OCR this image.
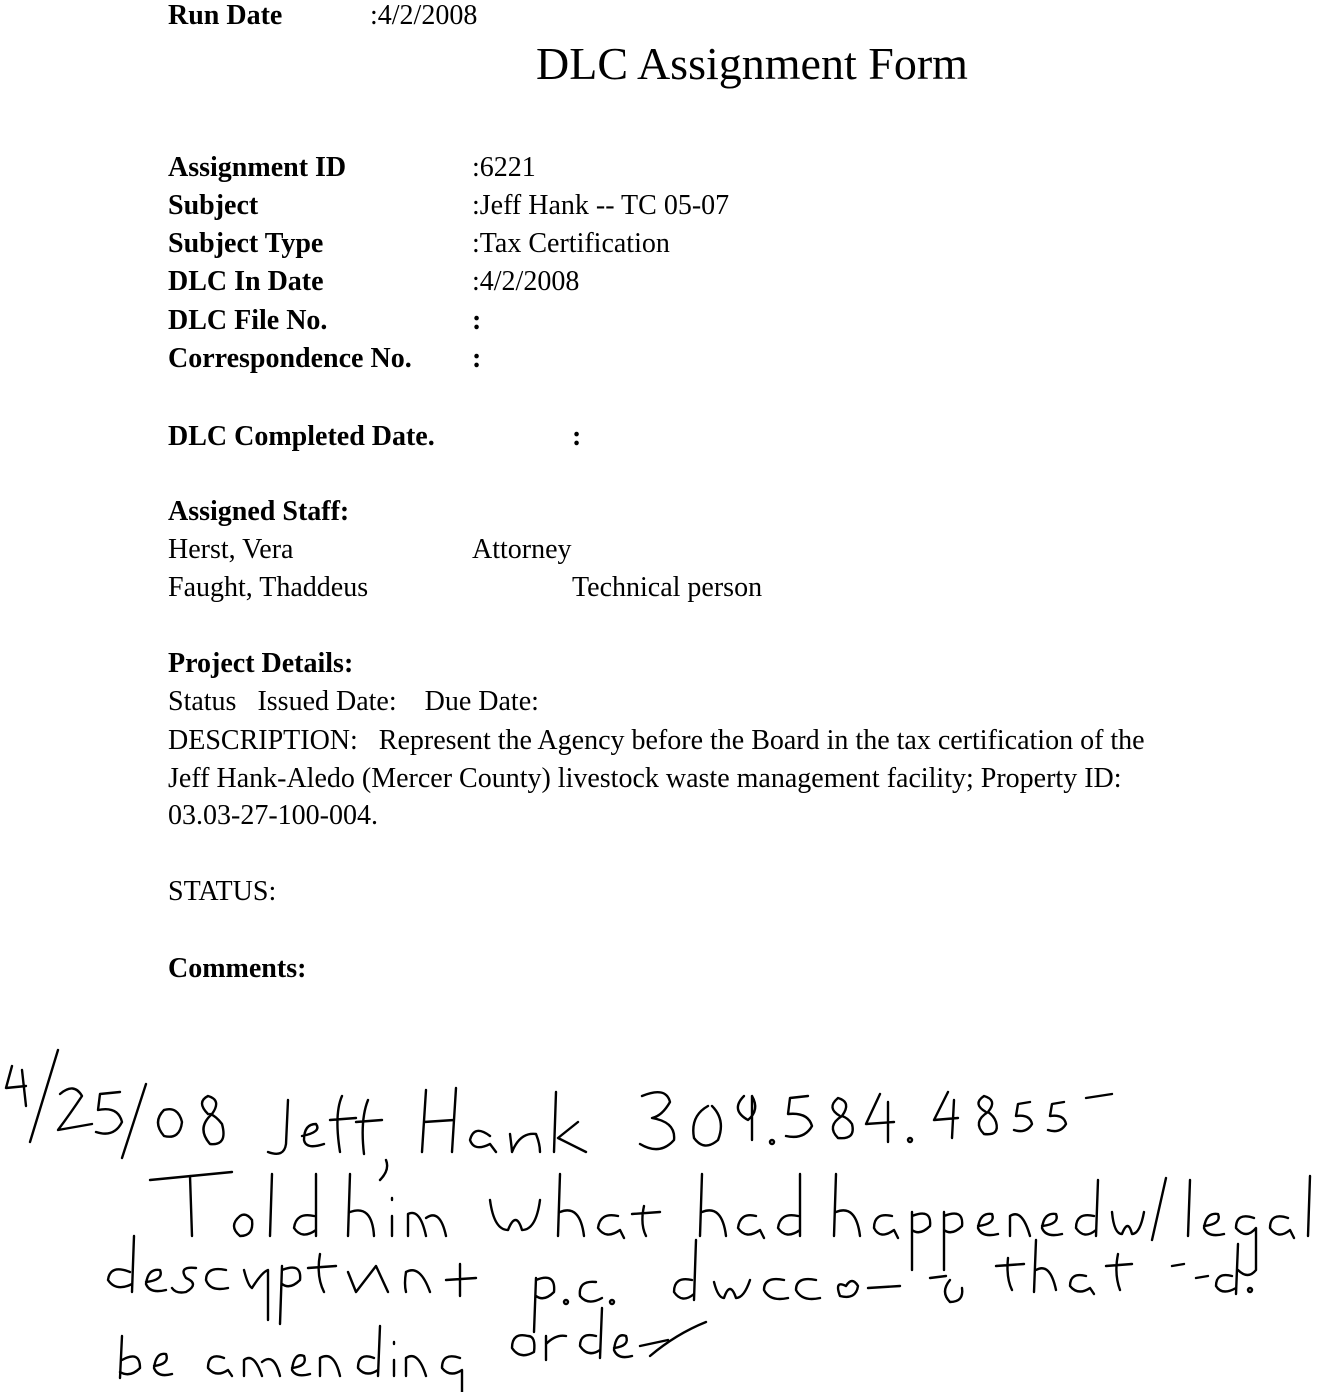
Run Date	:4/2/2008
DLC Assignment Form
Assignment ID	:6221
Subject	:Jeff Hank -- TC 05-07
Subject Type	:Tax Certification
DLC In Date	:4/2/2008
DLC File No.	:
Correspondence No. :
DLC Completed Date.	:
Assigned Staff:
Herst, Vera	Attorney
Faught, Thaddeus	Technical person
Project Details:
Status   Issued Date:    Due Date:
DESCRIPTION:   Represent the Agency before the Board in the tax certification of the
Jeff Hank-Aledo (Mercer County) livestock waste management facility; Property ID:
03.03-27-100-004.
STATUS:
Comments:
